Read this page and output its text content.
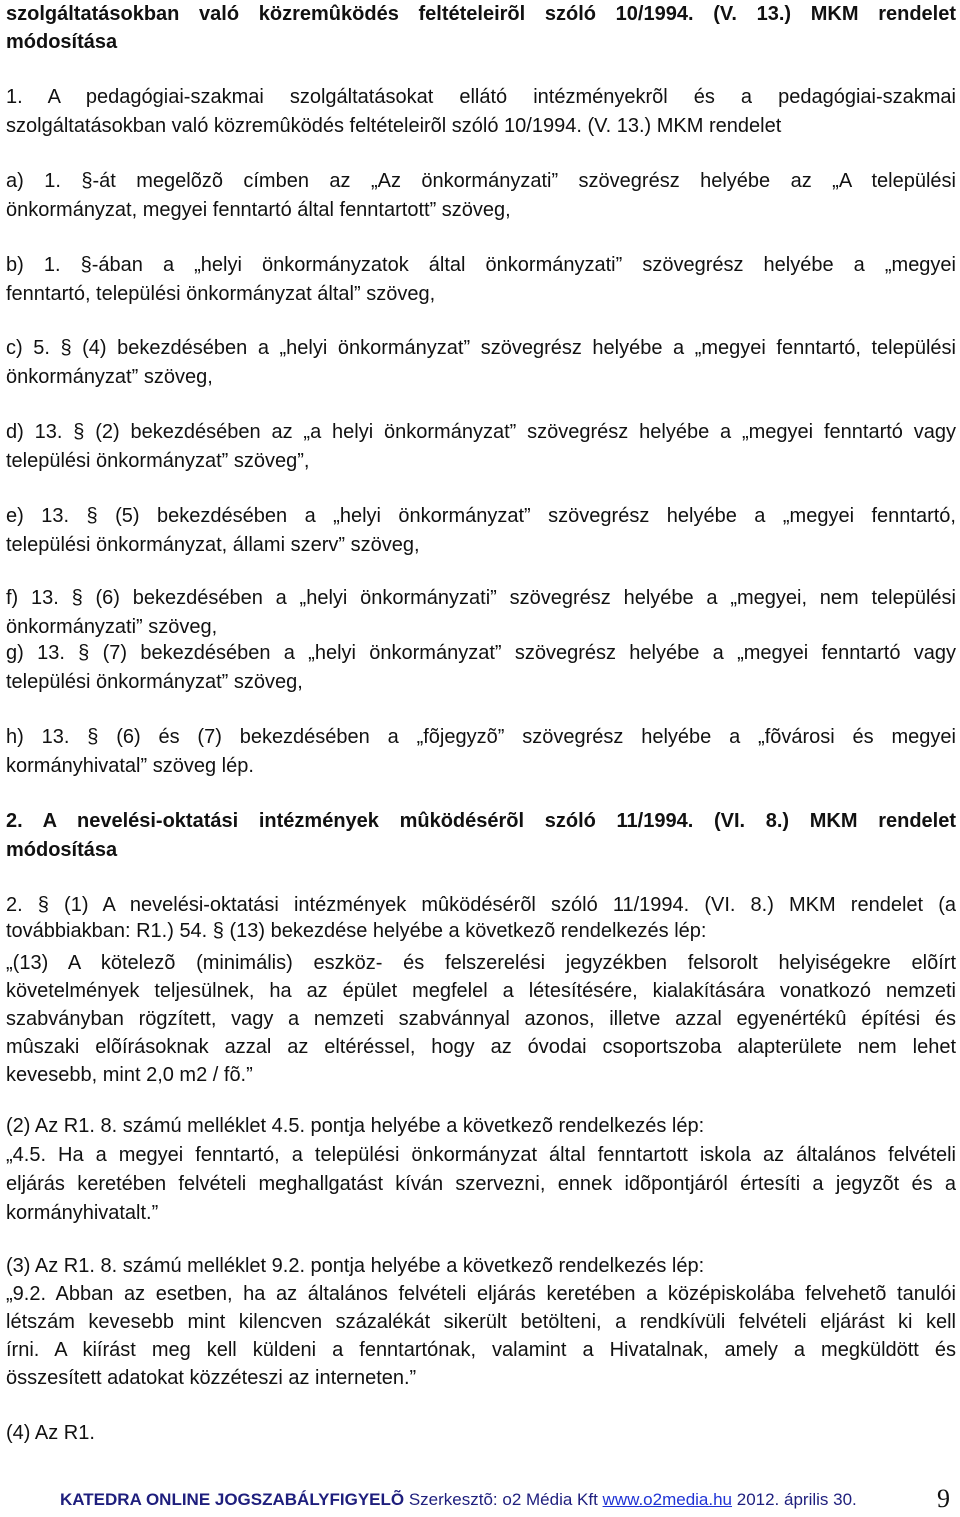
szolgáltatásokban való közremûködés feltételeirõl szóló 10/1994. (V. 13.) MKM rendelet
módosítása
1. A pedagógiai-szakmai szolgáltatásokat ellátó intézményekrõl és a pedagógiai-szakmai
szolgáltatásokban való közremûködés feltételeirõl szóló 10/1994. (V. 13.) MKM rendelet
a) 1. §-át megelõzõ címben az „Az önkormányzati” szövegrész helyébe az „A települési
önkormányzat, megyei fenntartó által fenntartott” szöveg,
b) 1. §-ában a „helyi önkormányzatok által önkormányzati” szövegrész helyébe a „megyei
fenntartó, települési önkormányzat által” szöveg,
c) 5. § (4) bekezdésében a „helyi önkormányzat” szövegrész helyébe a „megyei fenntartó, települési
önkormányzat” szöveg,
d) 13. § (2) bekezdésében az „a helyi önkormányzat” szövegrész helyébe a „megyei fenntartó vagy
települési önkormányzat” szöveg”,
e) 13. § (5) bekezdésében a „helyi önkormányzat” szövegrész helyébe a „megyei fenntartó,
települési önkormányzat, állami szerv” szöveg,
f) 13. § (6) bekezdésében a „helyi önkormányzati” szövegrész helyébe a „megyei, nem települési
önkormányzati” szöveg,
g) 13. § (7) bekezdésében a „helyi önkormányzat” szövegrész helyébe a „megyei fenntartó vagy
települési önkormányzat” szöveg,
h) 13. § (6) és (7) bekezdésében a „fõjegyzõ” szövegrész helyébe a „fõvárosi és megyei
kormányhivatal” szöveg lép.
2. A nevelési-oktatási intézmények mûködésérõl szóló 11/1994. (VI. 8.) MKM rendelet
módosítása
2. § (1) A nevelési-oktatási intézmények mûködésérõl szóló 11/1994. (VI. 8.) MKM rendelet (a
továbbiakban: R1.) 54. § (13) bekezdése helyébe a következõ rendelkezés lép:
„(13) A kötelezõ (minimális) eszköz- és felszerelési jegyzékben felsorolt helyiségekre elõírt
követelmények teljesülnek, ha az épület megfelel a létesítésére, kialakítására vonatkozó nemzeti
szabványban rögzített, vagy a nemzeti szabvánnyal azonos, illetve azzal egyenértékû építési és
mûszaki elõírásoknak azzal az eltéréssel, hogy az óvodai csoportszoba alapterülete nem lehet
kevesebb, mint 2,0 m2 / fõ.”
(2) Az R1. 8. számú melléklet 4.5. pontja helyébe a következõ rendelkezés lép:
„4.5. Ha a megyei fenntartó, a települési önkormányzat által fenntartott iskola az általános felvételi
eljárás keretében felvételi meghallgatást kíván szervezni, ennek idõpontjáról értesíti a jegyzõt és a
kormányhivatalt.”
(3) Az R1. 8. számú melléklet 9.2. pontja helyébe a következõ rendelkezés lép:
„9.2. Abban az esetben, ha az általános felvételi eljárás keretében a középiskolába felvehetõ tanulói
létszám kevesebb mint kilencven százalékát sikerült betölteni, a rendkívüli felvételi eljárást ki kell
írni. A kiírást meg kell küldeni a fenntartónak, valamint a Hivatalnak, amely a megküldött és
összesített adatokat közzéteszi az interneten.”
(4) Az R1.
KATEDRA ONLINE JOGSZABÁLYFIGYELÕ Szerkesztõ: o2 Média Kft www.o2media.hu 2012. április 30.	9
